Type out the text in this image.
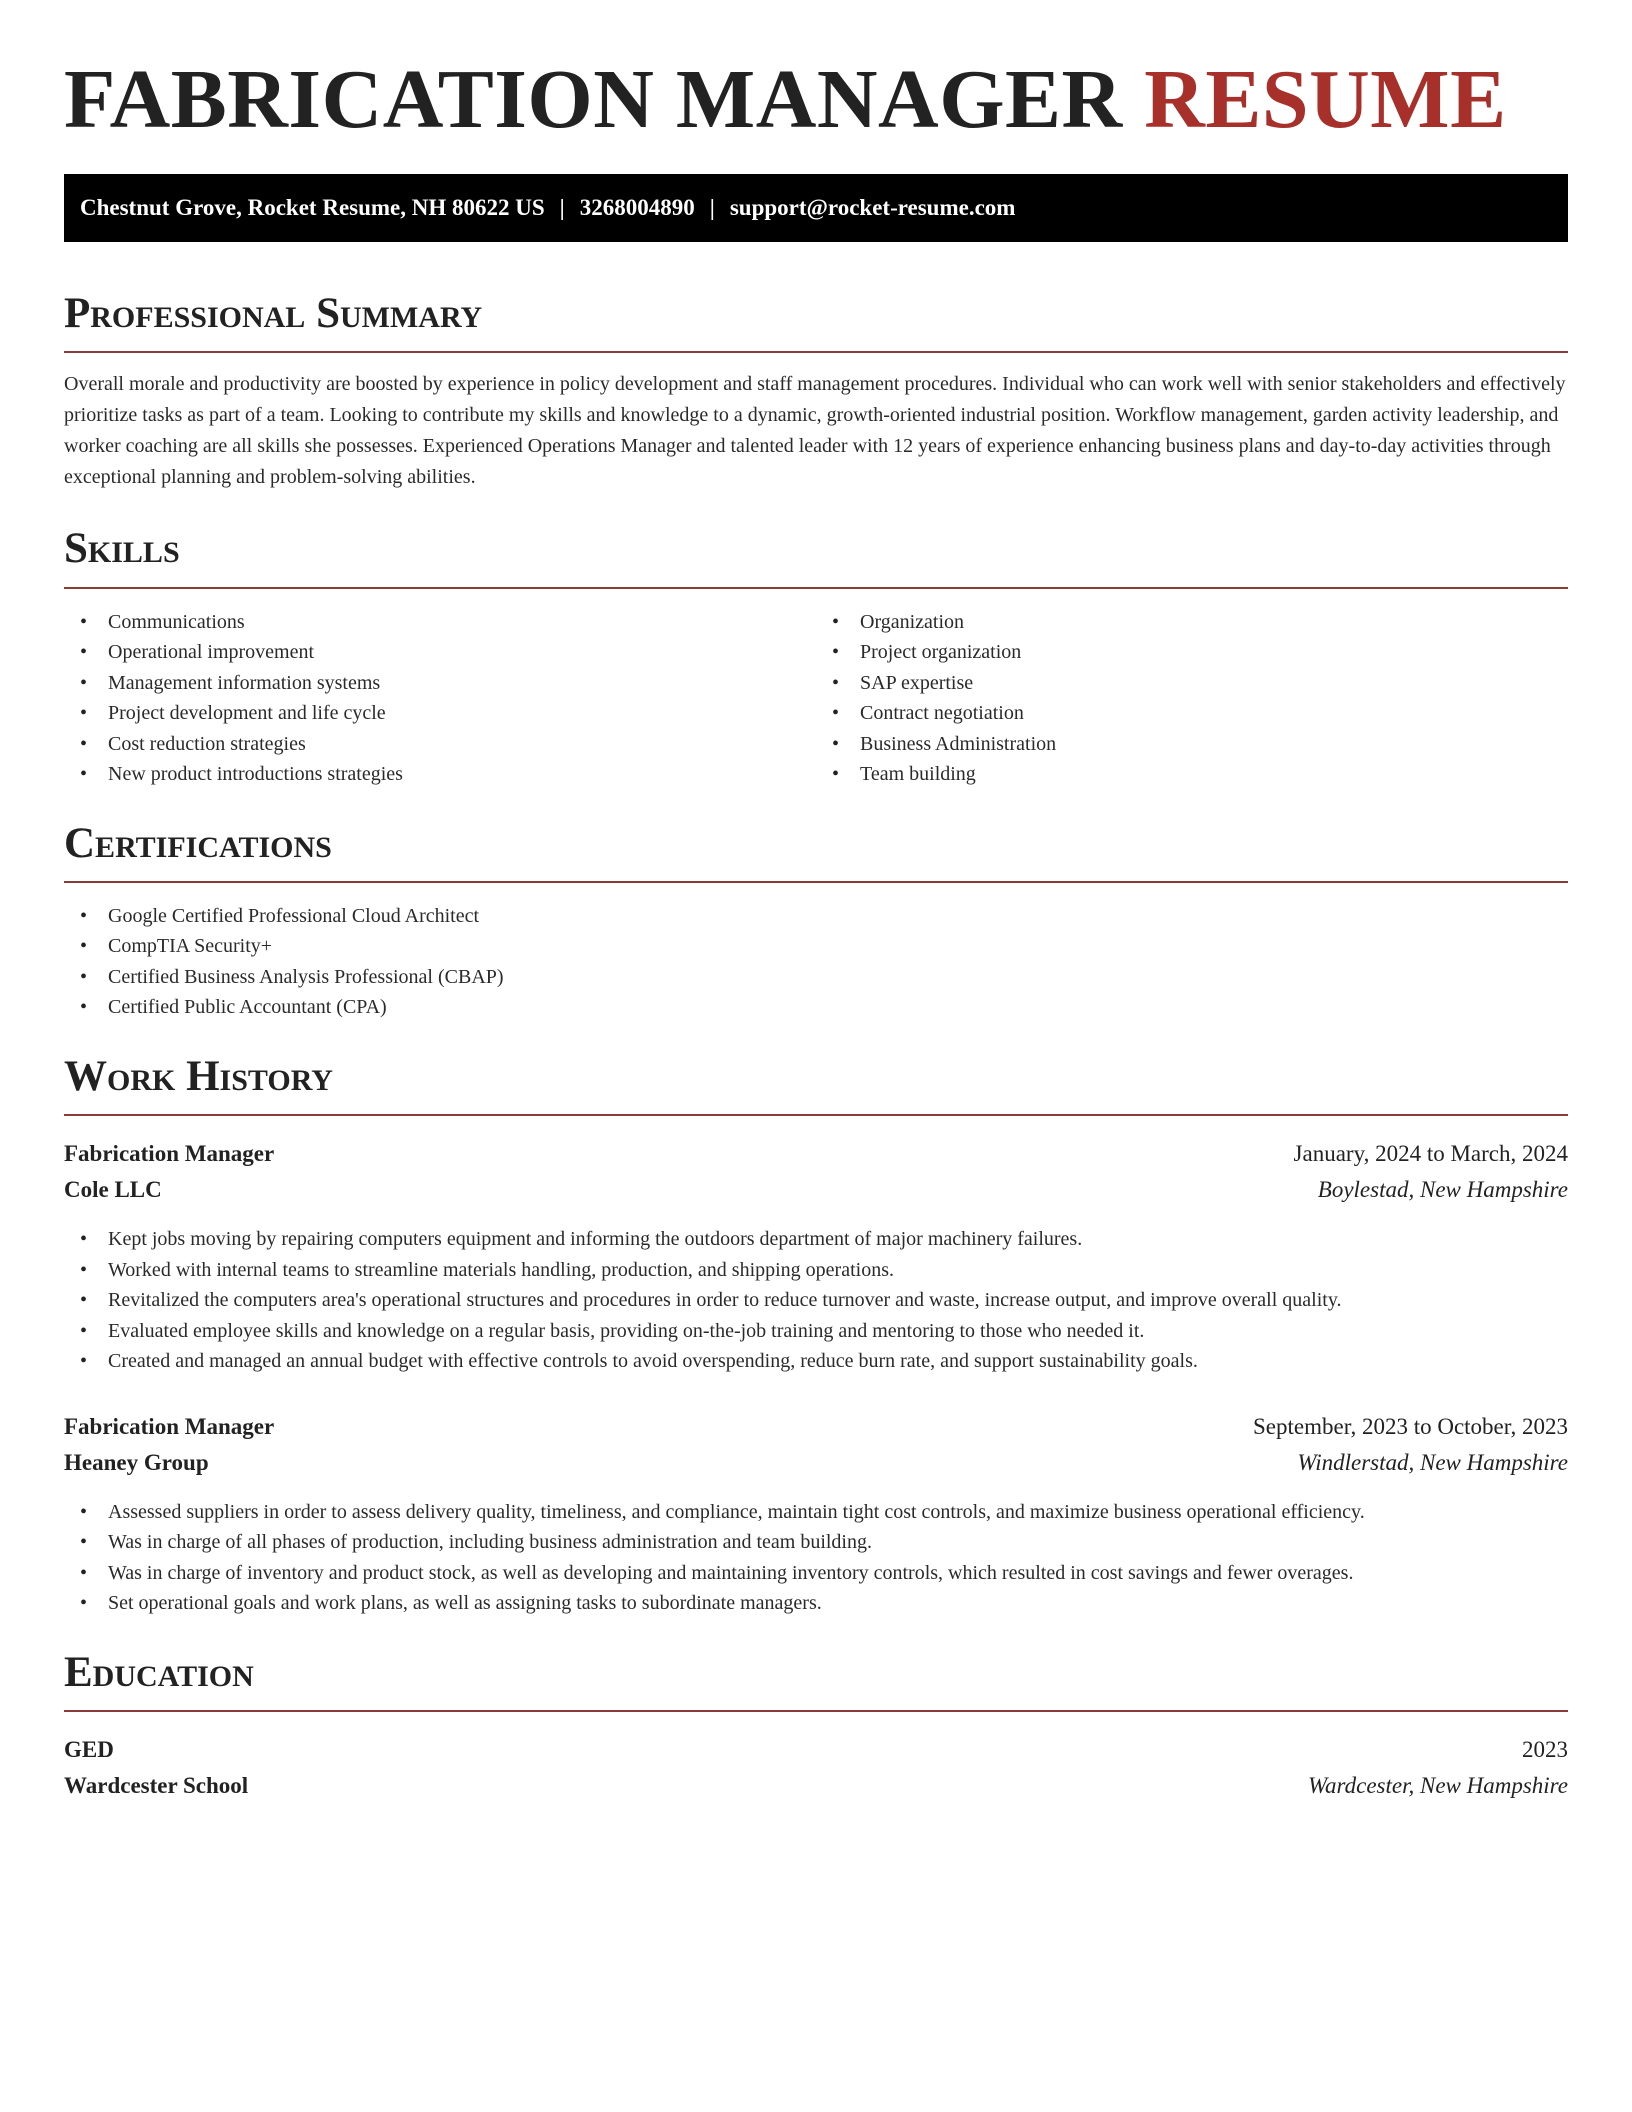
FABRICATION MANAGER RESUME
Chestnut Grove, Rocket Resume, NH 80622 US | 3268004890 | support@rocket-resume.com
Professional Summary

Overall morale and productivity are boosted by experience in policy development and staff management procedures. Individual who can work well with senior stakeholders and effectively prioritize tasks as part of a team. Looking to contribute my skills and knowledge to a dynamic, growth-oriented industrial position. Workflow management, garden activity leadership, and worker coaching are all skills she possesses. Experienced Operations Manager and talented leader with 12 years of experience enhancing business plans and day-to-day activities through exceptional planning and problem-solving abilities.

Skills
• Communications
• Operational improvement
• Management information systems
• Project development and life cycle
• Cost reduction strategies
• New product introductions strategies
• Organization
• Project organization
• SAP expertise
• Contract negotiation
• Business Administration
• Team building
Certifications
• Google Certified Professional Cloud Architect
• CompTIA Security+
• Certified Business Analysis Professional (CBAP)
• Certified Public Accountant (CPA)
Work History
Fabrication Manager	January, 2024 to March, 2024
Cole LLC	Boylestad, New Hampshire
• Kept jobs moving by repairing computers equipment and informing the outdoors department of major machinery failures.
• Worked with internal teams to streamline materials handling, production, and shipping operations.
• Revitalized the computers area's operational structures and procedures in order to reduce turnover and waste, increase output, and improve overall quality.
• Evaluated employee skills and knowledge on a regular basis, providing on-the-job training and mentoring to those who needed it.
• Created and managed an annual budget with effective controls to avoid overspending, reduce burn rate, and support sustainability goals.
Fabrication Manager	September, 2023 to October, 2023
Heaney Group	Windlerstad, New Hampshire
• Assessed suppliers in order to assess delivery quality, timeliness, and compliance, maintain tight cost controls, and maximize business operational efficiency.
• Was in charge of all phases of production, including business administration and team building.
• Was in charge of inventory and product stock, as well as developing and maintaining inventory controls, which resulted in cost savings and fewer overages.
• Set operational goals and work plans, as well as assigning tasks to subordinate managers.
Education
GED	2023
Wardcester School	Wardcester, New Hampshire
